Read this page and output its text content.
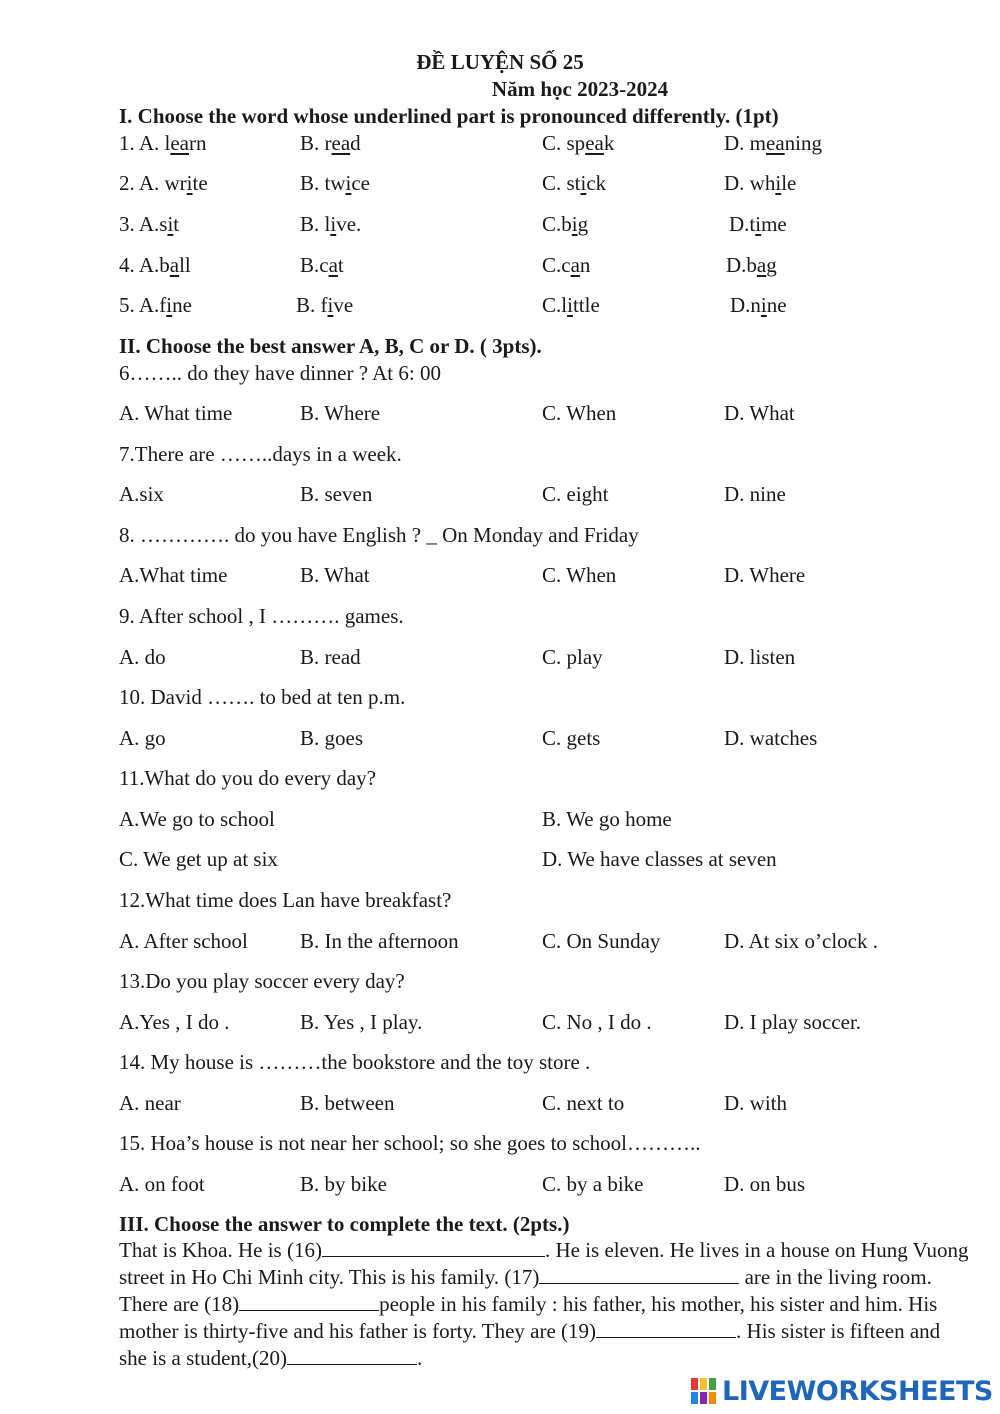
ĐỀ LUYỆN SỐ 25
Năm học 2023-2024
I. Choose the word whose underlined part is pronounced differently. (1pt)
1. A. learn	B. read	C. speak	D. meaning
2. A. write	B. twice	C. stick	D. while
3. A.sit	B. live.	C.big	D.time
4. A.ball	B.cat	C.can	D.bag
5. A.fine	B. five	C.little	D.nine
II. Choose the best answer A, B, C or D. ( 3pts).
6…….. do they have dinner ? At 6: 00
A. What time	B. Where	C. When	D. What
7.There are ……..days in a week.
A.six	B. seven	C. eight	D. nine
8. …………. do you have English ? _ On Monday and Friday
A.What time	B. What	C. When	D. Where
9. After school , I ………. games.
A. do	B. read	C. play	D. listen
10. David ……. to bed at ten p.m.
A. go	B. goes	C. gets	D. watches
11.What do you do every day?
A.We go to school	B. We go home
C. We get up at six	D. We have classes at seven
12.What time does Lan have breakfast?
A. After school B. In the afternoon	C. On Sunday	D. At six o’clock .
13.Do you play soccer every day?
A.Yes , I do .	B. Yes , I play.	C. No , I do .	D. I play soccer.
14. My house is ………the bookstore and the toy store .
A. near	B. between	C. next to	D. with
15. Hoa’s house is not near her school; so she goes to school………..
A. on foot	B. by bike	C. by a bike	D. on bus
III. Choose the answer to complete the text. (2pts.)
That is Khoa. He is (16)	. He is eleven. He lives in a house on Hung Vuong street in Ho Chi Minh city. This is his family. (17)	are in the living room. There are (18)	people in his family : his father, his mother, his sister and him. His mother is thirty-five and his father is forty. They are (19)	. His sister is fifteen and she is a student,(20)	.
LIVEWORKSHEETS
